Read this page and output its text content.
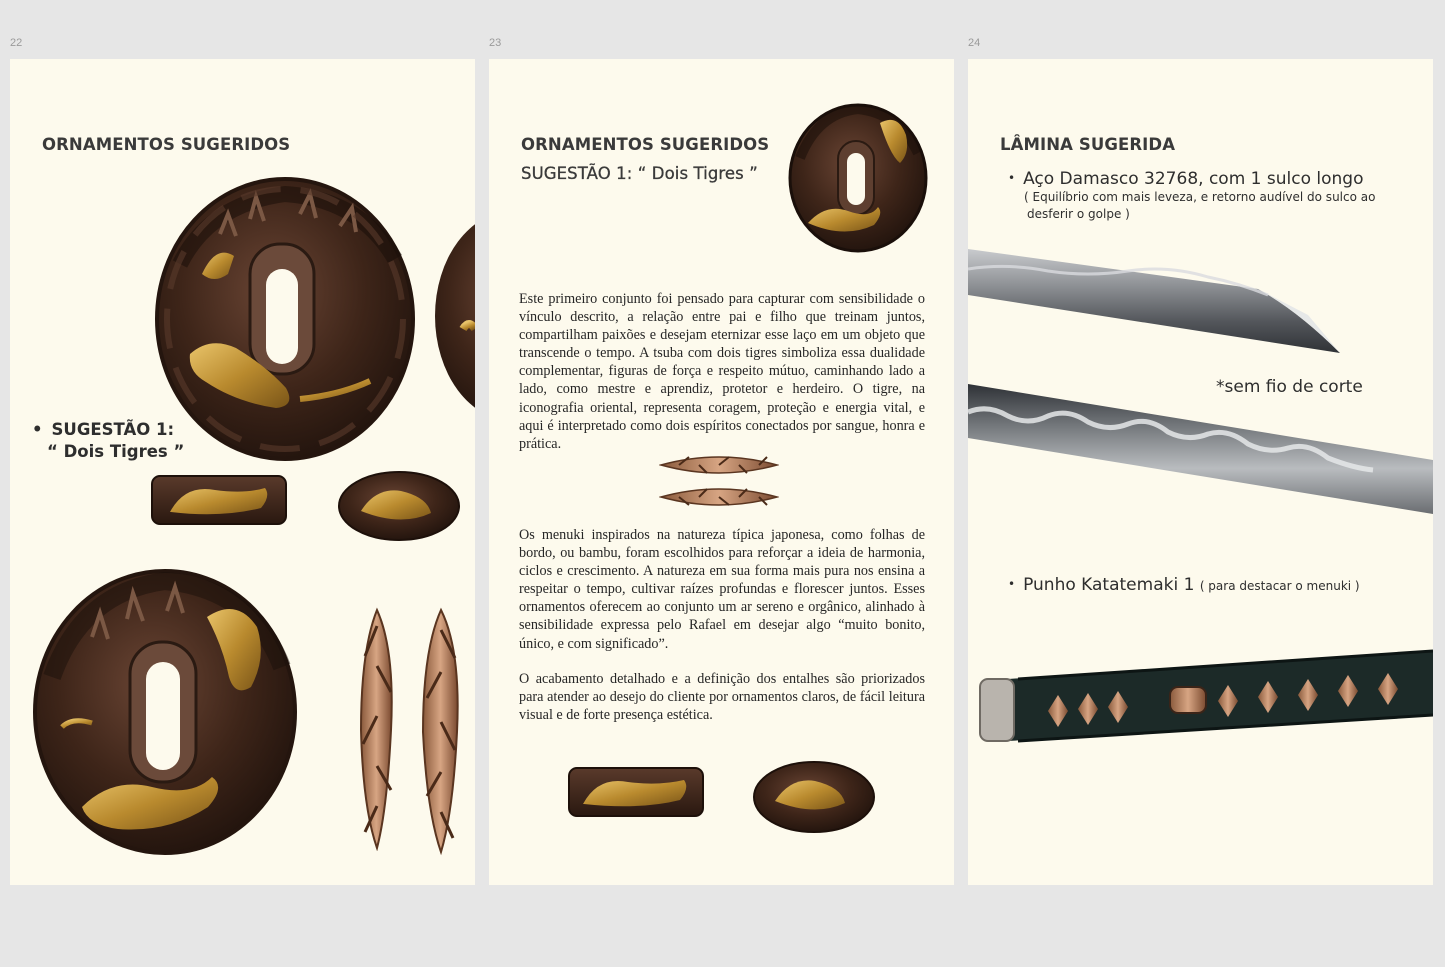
22
ORNAMENTOS SUGERIDOS
• SUGESTÃO 1:
“ Dois Tigres ”
23
ORNAMENTOS SUGERIDOS
SUGESTÃO 1: “ Dois Tigres ”

Este primeiro conjunto foi pensado para capturar com sensibilidade o vínculo descrito, a relação entre pai e filho que treinam juntos, compartilham paixões e desejam eternizar esse laço em um objeto que transcende o tempo. A tsuba com dois tigres simboliza essa dualidade complementar, figuras de força e respeito mútuo, caminhando lado a lado, como mestre e aprendiz, protetor e herdeiro. O tigre, na iconografia oriental, representa coragem, proteção e energia vital, e aqui é interpretado como dois espíritos conectados por sangue, honra e prática.

Os menuki inspirados na natureza típica japonesa, como folhas de bordo, ou bambu, foram escolhidos para reforçar a ideia de harmonia, ciclos e crescimento. A natureza em sua forma mais pura nos ensina a respeitar o tempo, cultivar raízes profundas e florescer juntos. Esses ornamentos oferecem ao conjunto um ar sereno e orgânico, alinhado à sensibilidade expressa pelo Rafael em desejar algo “muito bonito, único, e com significado”.

O acabamento detalhado e a definição dos entalhes são priorizados para atender ao desejo do cliente por ornamentos claros, de fácil leitura visual e de forte presença estética.

24
LÂMINA SUGERIDA
• Aço Damasco 32768, com 1 sulco longo
( Equilíbrio com mais leveza, e retorno audível do sulco ao
desferir o golpe )
*sem fio de corte
• Punho Katatemaki 1 ( para destacar o menuki )
